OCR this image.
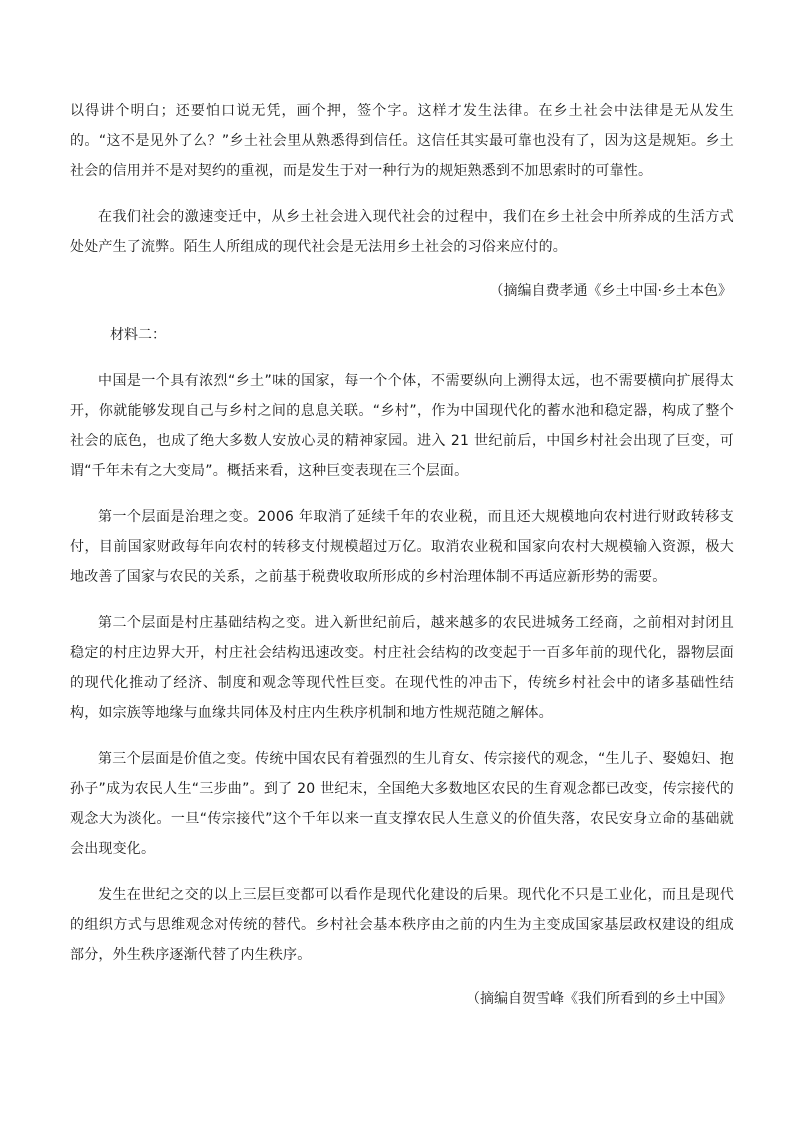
以得讲个明白；还要怕口说无凭，画个押，签个字。这样才发生法律。在乡土社会中法律是无从发生的。“这不是见外了么？”乡土社会里从熟悉得到信任。这信任其实最可靠也没有了，因为这是规矩。乡土社会的信用并不是对契约的重视，而是发生于对一种行为的规矩熟悉到不加思索时的可靠性。

在我们社会的激速变迁中，从乡土社会进入现代社会的过程中，我们在乡土社会中所养成的生活方式处处产生了流弊。陌生人所组成的现代社会是无法用乡土社会的习俗来应付的。

（摘编自费孝通《乡土中国·乡土本色》

材料二：

中国是一个具有浓烈“乡土”味的国家，每一个个体，不需要纵向上溯得太远，也不需要横向扩展得太开，你就能够发现自己与乡村之间的息息关联。“乡村”，作为中国现代化的蓄水池和稳定器，构成了整个社会的底色，也成了绝大多数人安放心灵的精神家园。进入 21 世纪前后，中国乡村社会出现了巨变，可谓“千年未有之大变局”。概括来看，这种巨变表现在三个层面。

第一个层面是治理之变。2006 年取消了延续千年的农业税，而且还大规模地向农村进行财政转移支付，目前国家财政每年向农村的转移支付规模超过万亿。取消农业税和国家向农村大规模输入资源，极大地改善了国家与农民的关系，之前基于税费收取所形成的乡村治理体制不再适应新形势的需要。

第二个层面是村庄基础结构之变。进入新世纪前后，越来越多的农民进城务工经商，之前相对封闭且稳定的村庄边界大开，村庄社会结构迅速改变。村庄社会结构的改变起于一百多年前的现代化，器物层面的现代化推动了经济、制度和观念等现代性巨变。在现代性的冲击下，传统乡村社会中的诸多基础性结构，如宗族等地缘与血缘共同体及村庄内生秩序机制和地方性规范随之解体。

第三个层面是价值之变。传统中国农民有着强烈的生儿育女、传宗接代的观念，“生儿子、娶媳妇、抱孙子”成为农民人生“三步曲”。到了 20 世纪末，全国绝大多数地区农民的生育观念都已改变，传宗接代的观念大为淡化。一旦“传宗接代”这个千年以来一直支撑农民人生意义的价值失落，农民安身立命的基础就会出现变化。

发生在世纪之交的以上三层巨变都可以看作是现代化建设的后果。现代化不只是工业化，而且是现代的组织方式与思维观念对传统的替代。乡村社会基本秩序由之前的内生为主变成国家基层政权建设的组成部分，外生秩序逐渐代替了内生秩序。

（摘编自贺雪峰《我们所看到的乡土中国》
